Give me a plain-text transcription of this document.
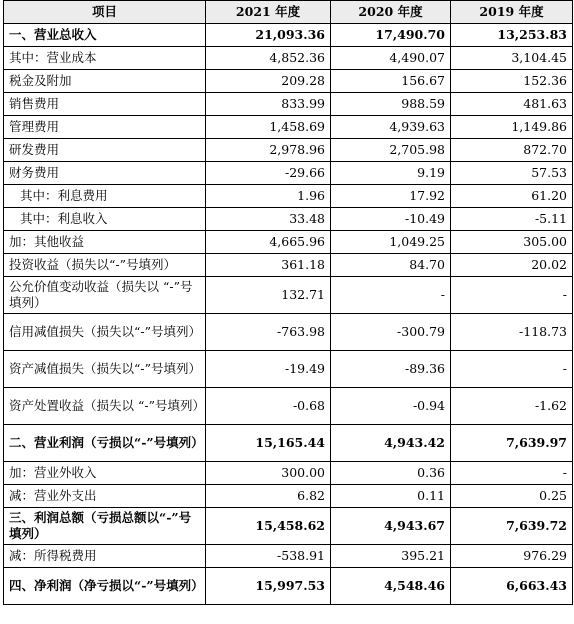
项目	2021 年度	2020 年度	2019 年度
一、营业总收入	21,093.36	17,490.70	13,253.83
其中：营业成本	4,852.36	4,490.07	3,104.45
税金及附加	209.28	156.67	152.36
销售费用	833.99	988.59	481.63
管理费用	1,458.69	4,939.63	1,149.86
研发费用	2,978.96	2,705.98	872.70
财务费用	-29.66	9.19	57.53
其中：利息费用	1.96	17.92	61.20
其中：利息收入	33.48	-10.49	-5.11
加：其他收益	4,665.96	1,049.25	305.00
投资收益（损失以“-”号填列）	361.18	84.70	20.02
公允价值变动收益（损失以 “-”号填列）	132.71	-	-
信用减值损失（损失以“-”号填列）	-763.98	-300.79	-118.73
资产减值损失（损失以“-”号填列）	-19.49	-89.36	-
资产处置收益（损失以 “-”号填列）	-0.68	-0.94	-1.62
二、营业利润（亏损以“-”号填列）	15,165.44	4,943.42	7,639.97
加：营业外收入	300.00	0.36	-
减：营业外支出	6.82	0.11	0.25
三、利润总额（亏损总额以“-”号填列）	15,458.62	4,943.67	7,639.72
减：所得税费用	-538.91	395.21	976.29
四、净利润（净亏损以“-”号填列）	15,997.53	4,548.46	6,663.43
